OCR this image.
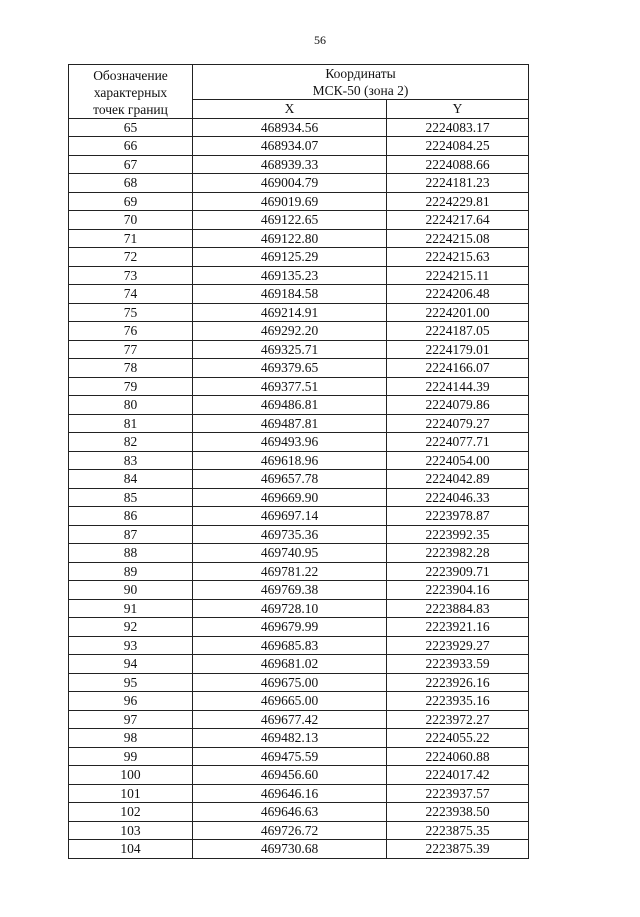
56
Обозначение
характерных
точек границ	Координаты
МСК-50 (зона 2)	

	X	Y
65	468934.56	2224083.17
66	468934.07	2224084.25
67	468939.33	2224088.66
68	469004.79	2224181.23
69	469019.69	2224229.81
70	469122.65	2224217.64
71	469122.80	2224215.08
72	469125.29	2224215.63
73	469135.23	2224215.11
74	469184.58	2224206.48
75	469214.91	2224201.00
76	469292.20	2224187.05
77	469325.71	2224179.01
78	469379.65	2224166.07
79	469377.51	2224144.39
80	469486.81	2224079.86
81	469487.81	2224079.27
82	469493.96	2224077.71
83	469618.96	2224054.00
84	469657.78	2224042.89
85	469669.90	2224046.33
86	469697.14	2223978.87
87	469735.36	2223992.35
88	469740.95	2223982.28
89	469781.22	2223909.71
90	469769.38	2223904.16
91	469728.10	2223884.83
92	469679.99	2223921.16
93	469685.83	2223929.27
94	469681.02	2223933.59
95	469675.00	2223926.16
96	469665.00	2223935.16
97	469677.42	2223972.27
98	469482.13	2224055.22
99	469475.59	2224060.88
100	469456.60	2224017.42
101	469646.16	2223937.57
102	469646.63	2223938.50
103	469726.72	2223875.35
104	469730.68	2223875.39
